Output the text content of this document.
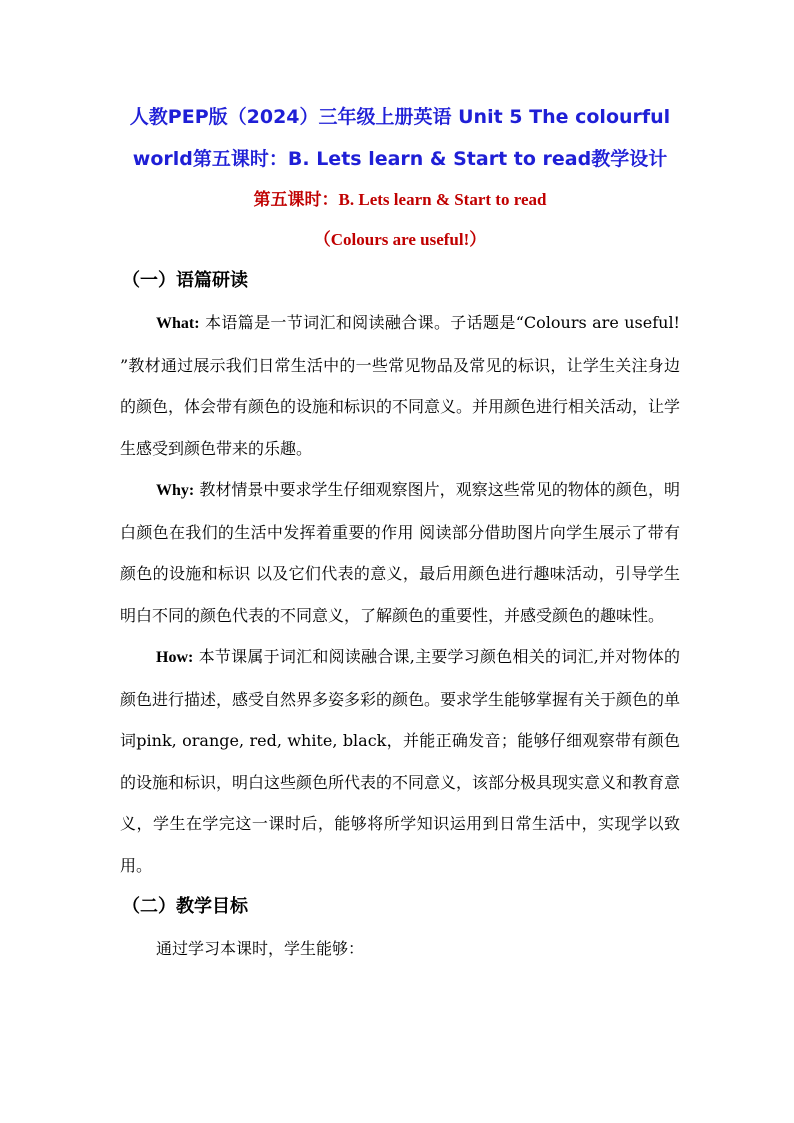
人教PEP版（2024）三年级上册英语 Unit 5 The colourful

world第五课时：B. Lets learn & Start to read教学设计

第五课时：B. Lets learn & Start to read

（Colours are useful!）

（一）语篇研读

What: 本语篇是一节词汇和阅读融合课。子话题是“Colours are useful! ”教材通过展示我们日常生活中的一些常见物品及常见的标识，让学生关注身边的颜色，体会带有颜色的设施和标识的不同意义。并用颜色进行相关活动，让学生感受到颜色带来的乐趣。

Why: 教材情景中要求学生仔细观察图片，观察这些常见的物体的颜色，明白颜色在我们的生活中发挥着重要的作用 阅读部分借助图片向学生展示了带有颜色的设施和标识 以及它们代表的意义，最后用颜色进行趣味活动，引导学生明白不同的颜色代表的不同意义，了解颜色的重要性，并感受颜色的趣味性。

How: 本节课属于词汇和阅读融合课,主要学习颜色相关的词汇,并对物体的颜色进行描述，感受自然界多姿多彩的颜色。要求学生能够掌握有关于颜色的单词pink, orange, red, white, black，并能正确发音；能够仔细观察带有颜色的设施和标识，明白这些颜色所代表的不同意义，该部分极具现实意义和教育意义，学生在学完这一课时后，能够将所学知识运用到日常生活中，实现学以致用。

（二）教学目标

通过学习本课时，学生能够：
